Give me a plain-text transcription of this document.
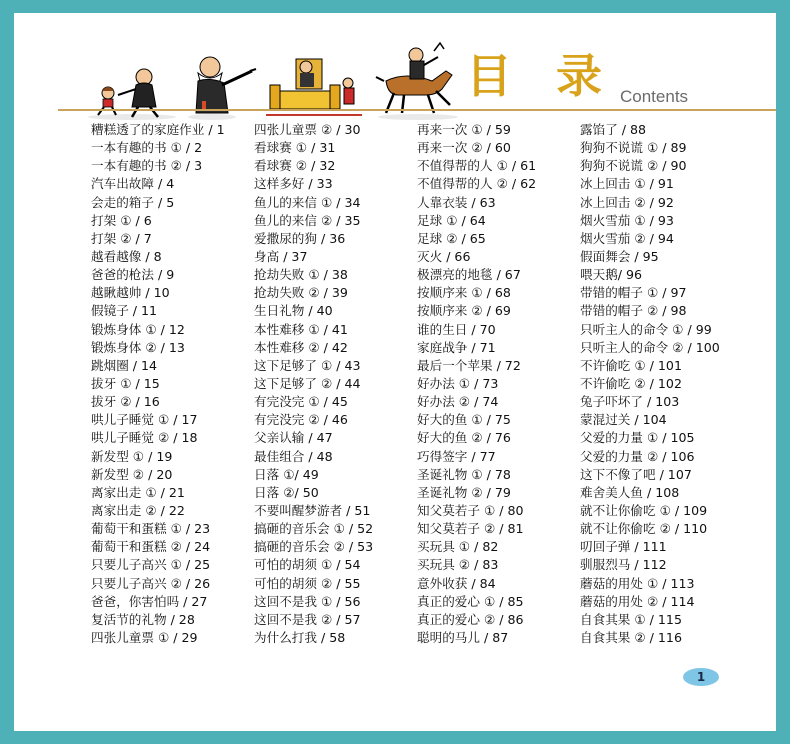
目 录 Contents
糟糕透了的家庭作业 / 1
一本有趣的书 ① / 2
一本有趣的书 ② / 3
汽车出故障 / 4
会走的箱子 / 5
打架 ① / 6
打架 ② / 7
越看越像 / 8
爸爸的枪法 / 9
越瞅越帅 / 10
假镜子 / 11
锻炼身体 ① / 12
锻炼身体 ② / 13
跳烟圈 / 14
拔牙 ① / 15
拔牙 ② / 16
哄儿子睡觉 ① / 17
哄儿子睡觉 ② / 18
新发型 ① / 19
新发型 ② / 20
离家出走 ① / 21
离家出走 ② / 22
葡萄干和蛋糕 ① / 23
葡萄干和蛋糕 ② / 24
只要儿子高兴 ① / 25
只要儿子高兴 ② / 26
爸爸，你害怕吗 / 27
复活节的礼物 / 28
四张儿童票 ① / 29
四张儿童票 ② / 30
看球赛 ① / 31
看球赛 ② / 32
这样多好 / 33
鱼儿的来信 ① / 34
鱼儿的来信 ② / 35
爱撒尿的狗 / 36
身高 / 37
抢劫失败 ① / 38
抢劫失败 ② / 39
生日礼物 / 40
本性难移 ① / 41
本性难移 ② / 42
这下足够了 ① / 43
这下足够了 ② / 44
有完没完 ① / 45
有完没完 ② / 46
父亲认输 / 47
最佳组合 / 48
日落 ①/ 49
日落 ②/ 50
不要叫醒梦游者 / 51
搞砸的音乐会 ① / 52
搞砸的音乐会 ② / 53
可怕的胡须 ① / 54
可怕的胡须 ② / 55
这回不是我 ① / 56
这回不是我 ② / 57
为什么打我 / 58
再来一次 ① / 59
再来一次 ② / 60
不值得帮的人 ① / 61
不值得帮的人 ② / 62
人靠衣装 / 63
足球 ① / 64
足球 ② / 65
灭火 / 66
极漂亮的地毯 / 67
按顺序来 ① / 68
按顺序来 ② / 69
谁的生日 / 70
家庭战争 / 71
最后一个苹果 / 72
好办法 ① / 73
好办法 ② / 74
好大的鱼 ① / 75
好大的鱼 ② / 76
巧得签字 / 77
圣诞礼物 ① / 78
圣诞礼物 ② / 79
知父莫若子 ① / 80
知父莫若子 ② / 81
买玩具 ① / 82
买玩具 ② / 83
意外收获 / 84
真正的爱心 ① / 85
真正的爱心 ② / 86
聪明的马儿 / 87
露馅了 / 88
狗狗不说谎 ① / 89
狗狗不说谎 ② / 90
冰上回击 ① / 91
冰上回击 ② / 92
烟火雪茄 ① / 93
烟火雪茄 ② / 94
假面舞会 / 95
喂天鹅/ 96
带错的帽子 ① / 97
带错的帽子 ② / 98
只听主人的命令 ① / 99
只听主人的命令 ② / 100
不许偷吃 ① / 101
不许偷吃 ② / 102
兔子吓坏了 / 103
蒙混过关 / 104
父爱的力量 ① / 105
父爱的力量 ② / 106
这下不像了吧 / 107
难舍美人鱼 / 108
就不让你偷吃 ① / 109
就不让你偷吃 ② / 110
叨回子弹 / 111
驯服烈马 / 112
蘑菇的用处 ① / 113
蘑菇的用处 ② / 114
自食其果 ① / 115
自食其果 ② / 116
1
